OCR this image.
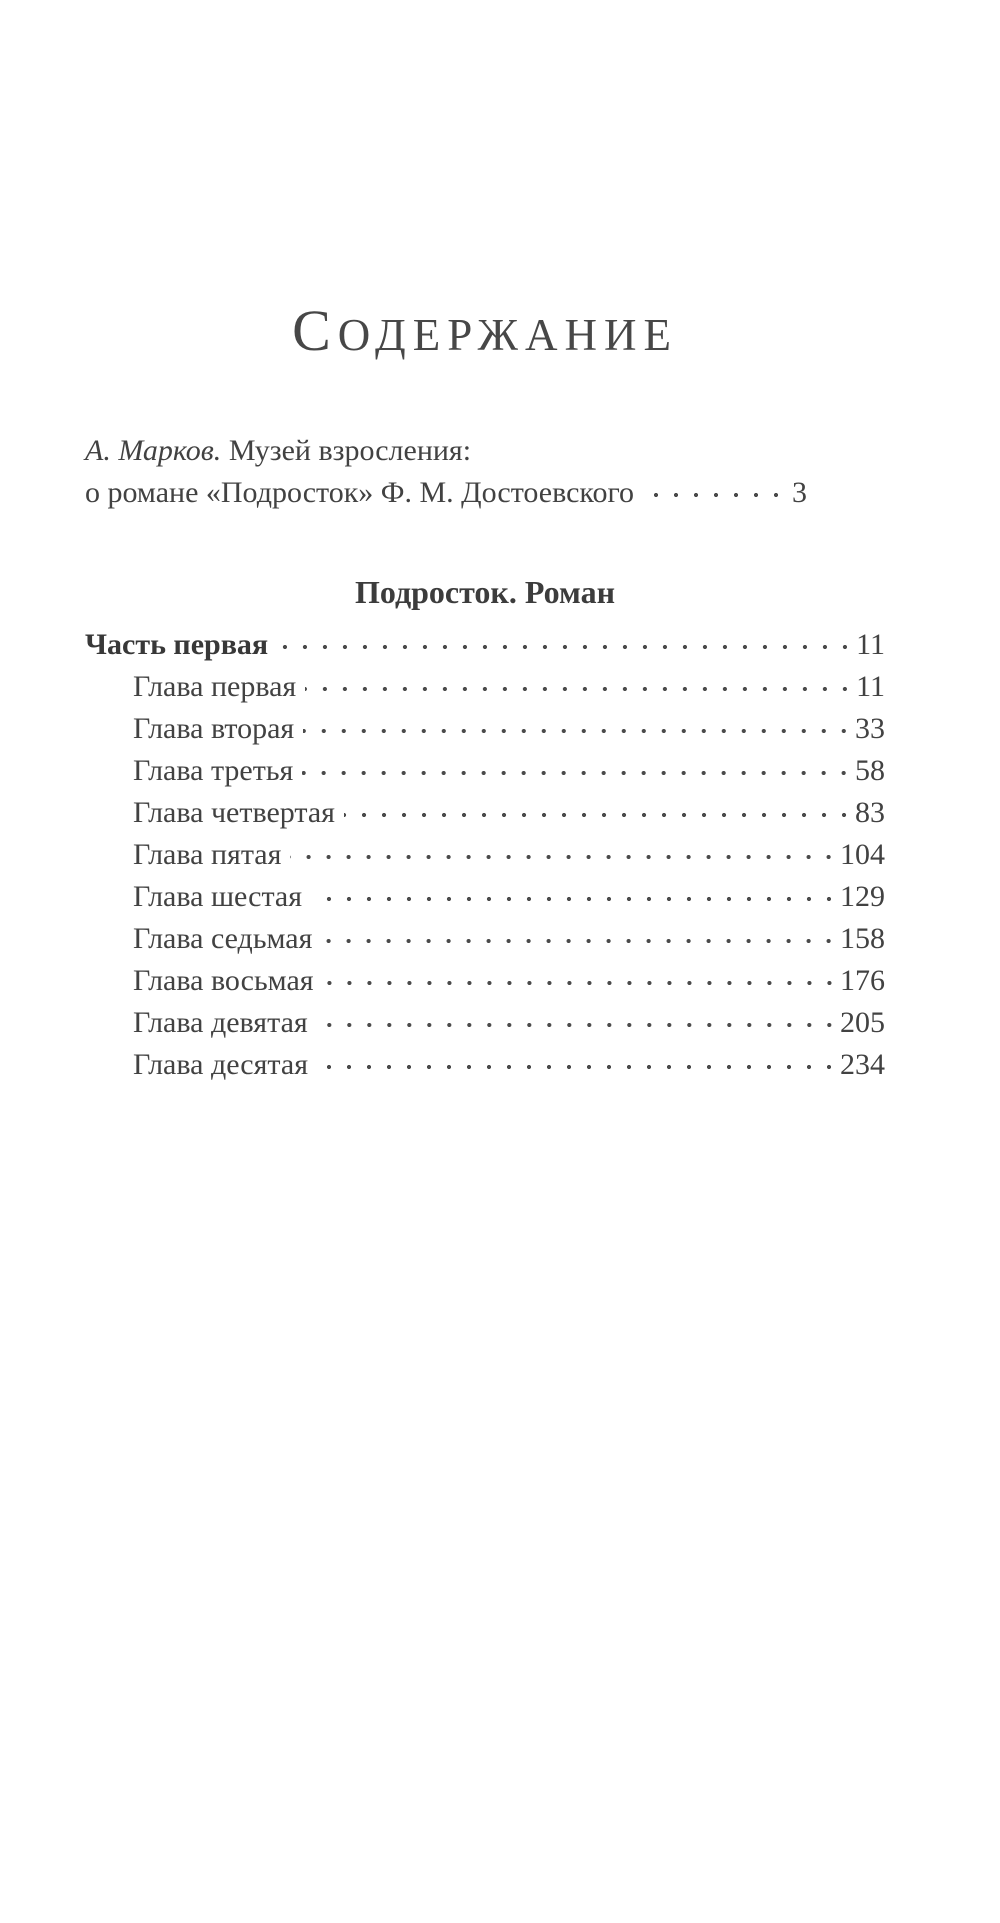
СОДЕРЖАНИЕ
А. Марков. Музей взросления:
о романе «Подросток» Ф. М. Достоевского	3
Подросток. Роман
Часть первая	11
Глава первая	11
Глава вторая	33
Глава третья	58
Глава четвертая	83
Глава пятая	104
Глава шестая	129
Глава седьмая	158
Глава восьмая	176
Глава девятая	205
Глава десятая	234
